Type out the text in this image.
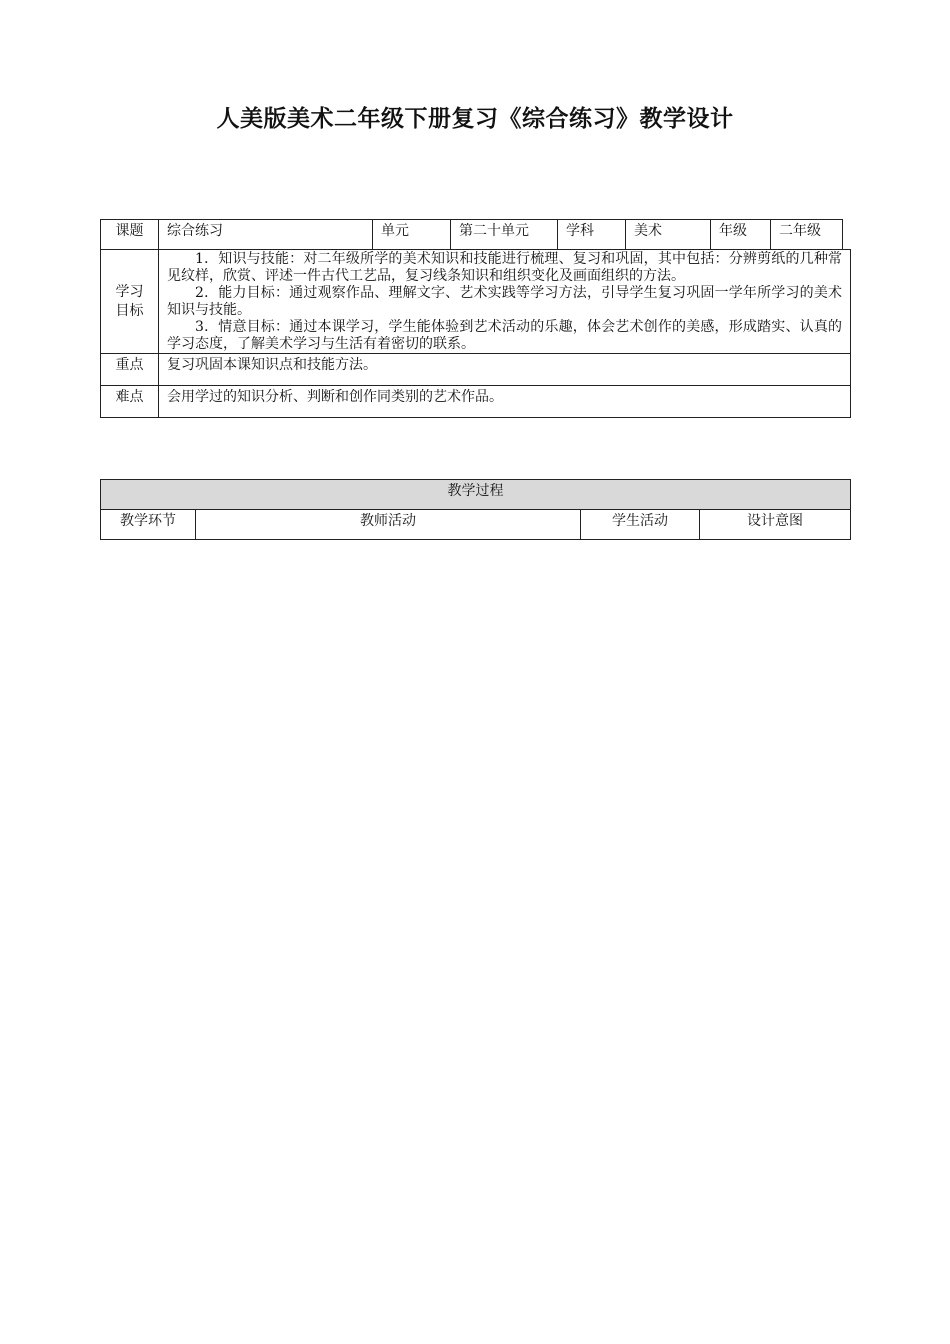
人美版美术二年级下册复习《综合练习》教学设计
课题	综合练习	单元	第二十单元	学科	美术	年级	二年级	
学习目标	1．知识与技能：对二年级所学的美术知识和技能进行梳理、复习和巩固，其中包括：分辨剪纸的几种常见纹样，欣赏、评述一件古代工艺品，复习线条知识和组织变化及画面组织的方法。

2．能力目标：通过观察作品、理解文字、艺术实践等学习方法，引导学生复习巩固一学年所学习的美术知识与技能。

3．情意目标：通过本课学习，学生能体验到艺术活动的乐趣，体会艺术创作的美感，形成踏实、认真的学习态度，了解美术学习与生活有着密切的联系。							

重点	复习巩固本课知识点和技能方法。							
难点	会用学过的知识分析、判断和创作同类别的艺术作品。							
教学过程
教学环节	教师活动	学生活动	设计意图
